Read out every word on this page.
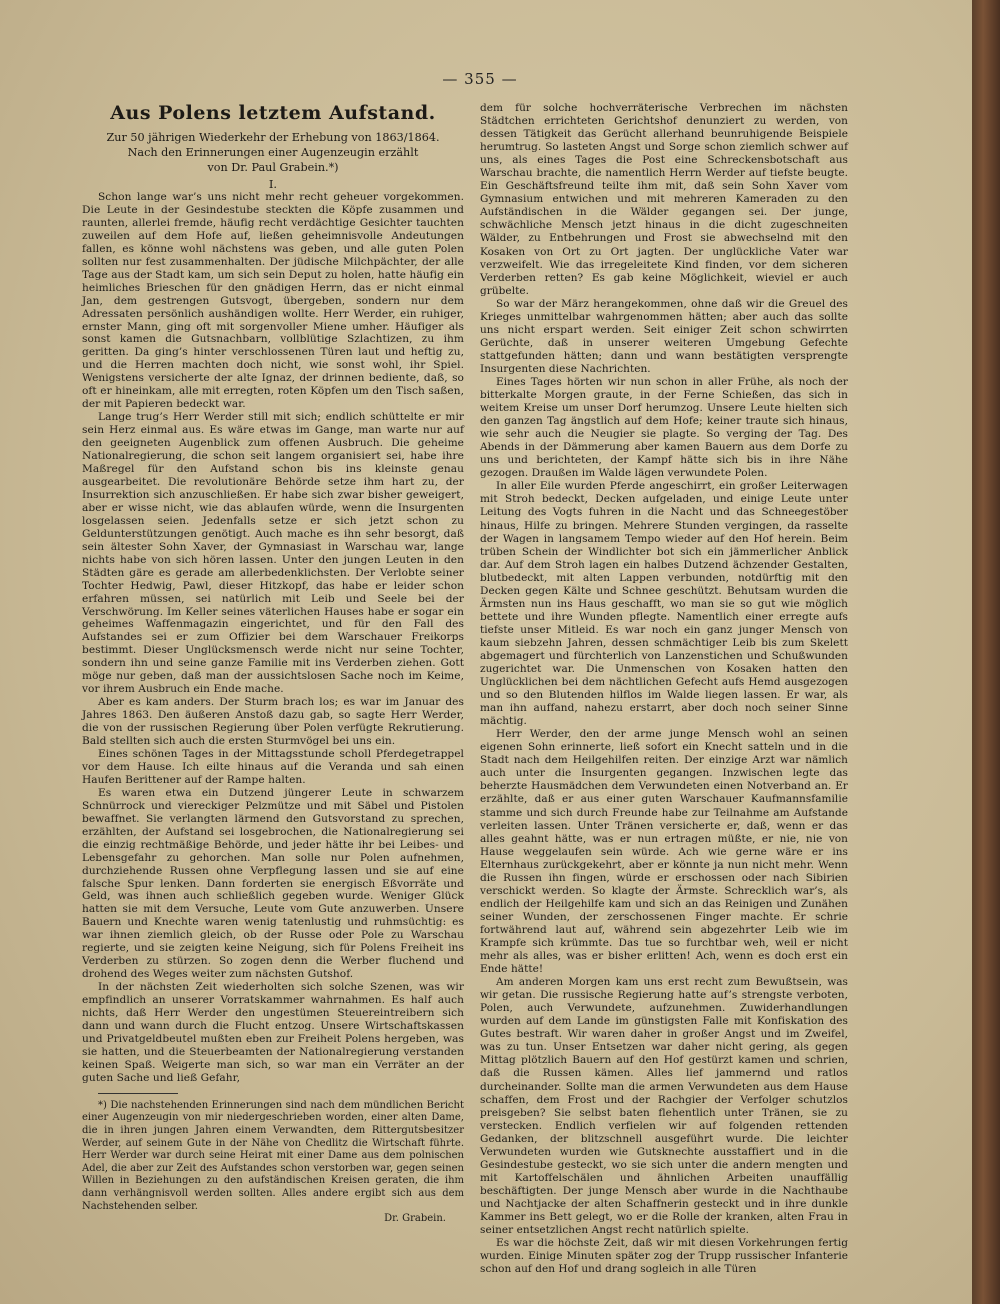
— 355 —
Aus Polens letztem Aufstand.

Zur 50 jährigen Wiederkehr der Erhebung von 1863/1864.

Nach den Erinnerungen einer Augenzeugin erzählt

von Dr. Paul Grabein.*)

I.

Schon lange war’s uns nicht mehr recht geheuer vorgekommen. Die Leute in der Gesindestube steckten die Köpfe zusammen und raunten, allerlei fremde, häufig recht verdächtige Gesichter tauchten zuweilen auf dem Hofe auf, ließen geheimnisvolle Andeutungen fallen, es könne wohl nächstens was geben, und alle guten Polen sollten nur fest zusammenhalten. Der jüdische Milchpächter, der alle Tage aus der Stadt kam, um sich sein Deput zu holen, hatte häufig ein heimliches Brieschen für den gnädigen Herrn, das er nicht einmal Jan, dem gestrengen Gutsvogt, übergeben, sondern nur dem Adressaten persönlich aushändigen wollte. Herr Werder, ein ruhiger, ernster Mann, ging oft mit sorgenvoller Miene umher. Häufiger als sonst kamen die Gutsnachbarn, vollblütige Szlachtizen, zu ihm geritten. Da ging’s hinter verschlossenen Türen laut und heftig zu, und die Herren machten doch nicht, wie sonst wohl, ihr Spiel. Wenigstens versicherte der alte Ignaz, der drinnen bediente, daß, so oft er hineinkam, alle mit erregten, roten Köpfen um den Tisch saßen, der mit Papieren bedeckt war.

Lange trug’s Herr Werder still mit sich; endlich schüttelte er mir sein Herz einmal aus. Es wäre etwas im Gange, man warte nur auf den geeigneten Augenblick zum offenen Ausbruch. Die geheime Nationalregierung, die schon seit langem organisiert sei, habe ihre Maßregel für den Aufstand schon bis ins kleinste genau ausgearbeitet. Die revolutionäre Behörde setze ihm hart zu, der Insurrektion sich anzuschließen. Er habe sich zwar bisher geweigert, aber er wisse nicht, wie das ablaufen würde, wenn die Insurgenten losgelassen seien. Jedenfalls setze er sich jetzt schon zu Geldunterstützungen genötigt. Auch mache es ihn sehr besorgt, daß sein ältester Sohn Xaver, der Gymnasiast in Warschau war, lange nichts habe von sich hören lassen. Unter den jungen Leuten in den Städten gäre es gerade am allerbedenklichsten. Der Verlobte seiner Tochter Hedwig, Pawl, dieser Hitzkopf, das habe er leider schon erfahren müssen, sei natürlich mit Leib und Seele bei der Verschwörung. Im Keller seines väterlichen Hauses habe er sogar ein geheimes Waffenmagazin eingerichtet, und für den Fall des Aufstandes sei er zum Offizier bei dem Warschauer Freikorps bestimmt. Dieser Unglücksmensch werde nicht nur seine Tochter, sondern ihn und seine ganze Familie mit ins Verderben ziehen. Gott möge nur geben, daß man der aussichtslosen Sache noch im Keime, vor ihrem Ausbruch ein Ende mache.

Aber es kam anders. Der Sturm brach los; es war im Januar des Jahres 1863. Den äußeren Anstoß dazu gab, so sagte Herr Werder, die von der russischen Regierung über Polen verfügte Rekrutierung. Bald stellten sich auch die ersten Sturmvögel bei uns ein.

Eines schönen Tages in der Mittagsstunde scholl Pferdegetrappel vor dem Hause. Ich eilte hinaus auf die Veranda und sah einen Haufen Berittener auf der Rampe halten.

Es waren etwa ein Dutzend jüngerer Leute in schwarzem Schnürrock und viereckiger Pelzmütze und mit Säbel und Pistolen bewaffnet. Sie verlangten lärmend den Gutsvorstand zu sprechen, erzählten, der Aufstand sei losgebrochen, die Nationalregierung sei die einzig rechtmäßige Behörde, und jeder hätte ihr bei Leibes- und Lebensgefahr zu gehorchen. Man solle nur Polen aufnehmen, durchziehende Russen ohne Verpflegung lassen und sie auf eine falsche Spur lenken. Dann forderten sie energisch Eßvorräte und Geld, was ihnen auch schließlich gegeben wurde. Weniger Glück hatten sie mit dem Versuche, Leute vom Gute anzuwerben. Unsere Bauern und Knechte waren wenig tatenlustig und ruhmsüchtig: es war ihnen ziemlich gleich, ob der Russe oder Pole zu Warschau regierte, und sie zeigten keine Neigung, sich für Polens Freiheit ins Verderben zu stürzen. So zogen denn die Werber fluchend und drohend des Weges weiter zum nächsten Gutshof.

In der nächsten Zeit wiederholten sich solche Szenen, was wir empfindlich an unserer Vorratskammer wahrnahmen. Es half auch nichts, daß Herr Werder den ungestümen Steuereintreibern sich dann und wann durch die Flucht entzog. Unsere Wirtschaftskassen und Privatgeldbeutel mußten eben zur Freiheit Polens hergeben, was sie hatten, und die Steuerbeamten der Nationalregierung verstanden keinen Spaß. Weigerte man sich, so war man ein Verräter an der guten Sache und ließ Gefahr,

*) Die nachstehenden Erinnerungen sind nach dem mündlichen Bericht einer Augenzeugin von mir niedergeschrieben worden, einer alten Dame, die in ihren jungen Jahren einem Verwandten, dem Rittergutsbesitzer Werder, auf seinem Gute in der Nähe von Chedlitz die Wirtschaft führte. Herr Werder war durch seine Heirat mit einer Dame aus dem polnischen Adel, die aber zur Zeit des Aufstandes schon verstorben war, gegen seinen Willen in Beziehungen zu den aufständischen Kreisen geraten, die ihm dann verhängnisvoll werden sollten. Alles andere ergibt sich aus dem Nachstehenden selber.

Dr. Grabein.

dem für solche hochverräterische Verbrechen im nächsten Städtchen errichteten Gerichtshof denunziert zu werden, von dessen Tätigkeit das Gerücht allerhand beunruhigende Beispiele herumtrug. So lasteten Angst und Sorge schon ziemlich schwer auf uns, als eines Tages die Post eine Schreckensbotschaft aus Warschau brachte, die namentlich Herrn Werder auf tiefste beugte. Ein Geschäftsfreund teilte ihm mit, daß sein Sohn Xaver vom Gymnasium entwichen und mit mehreren Kameraden zu den Aufständischen in die Wälder gegangen sei. Der junge, schwächliche Mensch jetzt hinaus in die dicht zugeschneiten Wälder, zu Entbehrungen und Frost sie abwechselnd mit den Kosaken von Ort zu Ort jagten. Der unglückliche Vater war verzweifelt. Wie das irregeleitete Kind finden, vor dem sicheren Verderben retten? Es gab keine Möglichkeit, wieviel er auch grübelte.

So war der März herangekommen, ohne daß wir die Greuel des Krieges unmittelbar wahrgenommen hätten; aber auch das sollte uns nicht erspart werden. Seit einiger Zeit schon schwirrten Gerüchte, daß in unserer weiteren Umgebung Gefechte stattgefunden hätten; dann und wann bestätigten versprengte Insurgenten diese Nachrichten.

Eines Tages hörten wir nun schon in aller Frühe, als noch der bitterkalte Morgen graute, in der Ferne Schießen, das sich in weitem Kreise um unser Dorf herumzog. Unsere Leute hielten sich den ganzen Tag ängstlich auf dem Hofe; keiner traute sich hinaus, wie sehr auch die Neugier sie plagte. So verging der Tag. Des Abends in der Dämmerung aber kamen Bauern aus dem Dorfe zu uns und berichteten, der Kampf hätte sich bis in ihre Nähe gezogen. Draußen im Walde lägen verwundete Polen.

In aller Eile wurden Pferde angeschirrt, ein großer Leiterwagen mit Stroh bedeckt, Decken aufgeladen, und einige Leute unter Leitung des Vogts fuhren in die Nacht und das Schneegestöber hinaus, Hilfe zu bringen. Mehrere Stunden vergingen, da rasselte der Wagen in langsamem Tempo wieder auf den Hof herein. Beim trüben Schein der Windlichter bot sich ein jämmerlicher Anblick dar. Auf dem Stroh lagen ein halbes Dutzend ächzender Gestalten, blutbedeckt, mit alten Lappen verbunden, notdürftig mit den Decken gegen Kälte und Schnee geschützt. Behutsam wurden die Ärmsten nun ins Haus geschafft, wo man sie so gut wie möglich bettete und ihre Wunden pflegte. Namentlich einer erregte aufs tiefste unser Mitleid. Es war noch ein ganz junger Mensch von kaum siebzehn Jahren, dessen schmächtiger Leib bis zum Skelett abgemagert und fürchterlich von Lanzenstichen und Schußwunden zugerichtet war. Die Unmenschen von Kosaken hatten den Unglücklichen bei dem nächtlichen Gefecht aufs Hemd ausgezogen und so den Blutenden hilflos im Walde liegen lassen. Er war, als man ihn auffand, nahezu erstarrt, aber doch noch seiner Sinne mächtig.

Herr Werder, den der arme junge Mensch wohl an seinen eigenen Sohn erinnerte, ließ sofort ein Knecht satteln und in die Stadt nach dem Heilgehilfen reiten. Der einzige Arzt war nämlich auch unter die Insurgenten gegangen. Inzwischen legte das beherzte Hausmädchen dem Verwundeten einen Notverband an. Er erzählte, daß er aus einer guten Warschauer Kaufmannsfamilie stamme und sich durch Freunde habe zur Teilnahme am Aufstande verleiten lassen. Unter Tränen versicherte er, daß, wenn er das alles geahnt hätte, was er nun ertragen müßte, er nie, nie von Hause weggelaufen sein würde. Ach wie gerne wäre er ins Elternhaus zurückgekehrt, aber er könnte ja nun nicht mehr. Wenn die Russen ihn fingen, würde er erschossen oder nach Sibirien verschickt werden. So klagte der Ärmste. Schrecklich war’s, als endlich der Heilgehilfe kam und sich an das Reinigen und Zunähen seiner Wunden, der zerschossenen Finger machte. Er schrie fortwährend laut auf, während sein abgezehrter Leib wie im Krampfe sich krümmte. Das tue so furchtbar weh, weil er nicht mehr als alles, was er bisher erlitten! Ach, wenn es doch erst ein Ende hätte!

Am anderen Morgen kam uns erst recht zum Bewußtsein, was wir getan. Die russische Regierung hatte auf’s strengste verboten, Polen, auch Verwundete, aufzunehmen. Zuwiderhandlungen wurden auf dem Lande im günstigsten Falle mit Konfiskation des Gutes bestraft. Wir waren daher in großer Angst und im Zweifel, was zu tun. Unser Entsetzen war daher nicht gering, als gegen Mittag plötzlich Bauern auf den Hof gestürzt kamen und schrien, daß die Russen kämen. Alles lief jammernd und ratlos durcheinander. Sollte man die armen Verwundeten aus dem Hause schaffen, dem Frost und der Rachgier der Verfolger schutzlos preisgeben? Sie selbst baten flehentlich unter Tränen, sie zu verstecken. Endlich verfielen wir auf folgenden rettenden Gedanken, der blitzschnell ausgeführt wurde. Die leichter Verwundeten wurden wie Gutsknechte ausstaffiert und in die Gesindestube gesteckt, wo sie sich unter die andern mengten und mit Kartoffelschälen und ähnlichen Arbeiten unauffällig beschäftigten. Der junge Mensch aber wurde in die Nachthaube und Nachtjacke der alten Schaffnerin gesteckt und in ihre dunkle Kammer ins Bett gelegt, wo er die Rolle der kranken, alten Frau in seiner entsetzlichen Angst recht natürlich spielte.

Es war die höchste Zeit, daß wir mit diesen Vorkehrungen fertig wurden. Einige Minuten später zog der Trupp russischer Infanterie schon auf den Hof und drang sogleich in alle Türen
